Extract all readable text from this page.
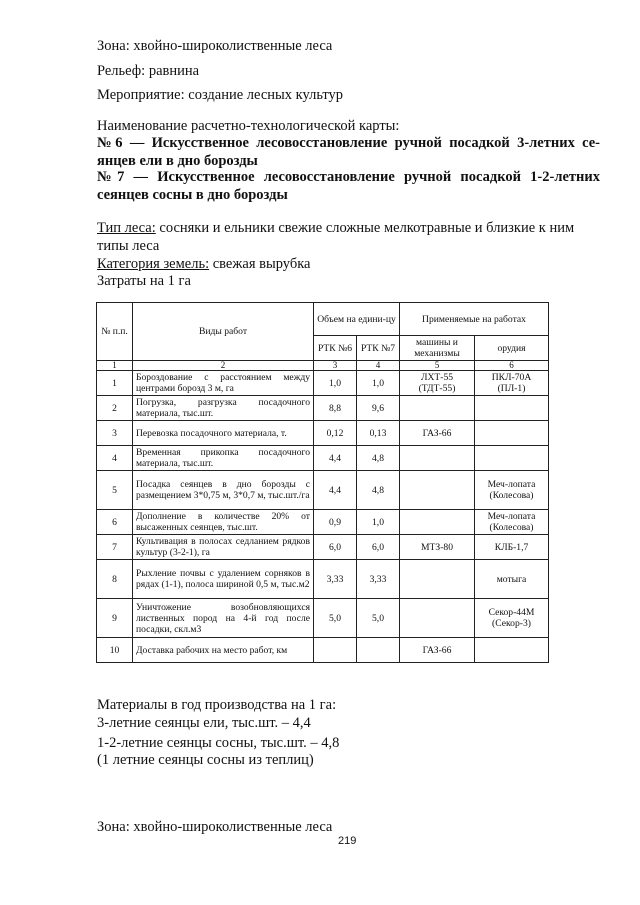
Зона: хвойно-широколиственные леса
Рельеф: равнина
Мероприятие: создание лесных культур
Наименование расчетно-технологической карты:
№6 — Искусственное лесовосстановление ручной посадкой 3-летних се-
янцев ели в дно борозды
№7 — Искусственное лесовосстановление ручной посадкой 1-2-летних
сеянцев сосны в дно борозды
Тип леса: сосняки и ельники свежие сложные мелкотравные и близкие к ним
типы леса
Категория земель: свежая вырубка
Затраты на 1 га
№ п.п.	Виды работ	Объем на едини-цу		Применяемые на работах	
		РТК №6	РТК №7	машины и механизмы	орудия
1	2	3	4	5	6
1	Бороздование с расстоянием между центрами борозд 3 м, га	1,0	1,0	ЛХТ-55 (ТДТ-55)	ПКЛ-70А (ПЛ-1)
2	Погрузка, разгрузка посадочного материала, тыс.шт.	8,8	9,6		
3	Перевозка посадочного материала, т.	0,12	0,13	ГАЗ-66	
4	Временная прикопка посадочного материала, тыс.шт.	4,4	4,8		
5	Посадка сеянцев в дно борозды с размещением 3*0,75 м, 3*0,7 м, тыс.шт./га	4,4	4,8		Меч-лопата (Колесова)
6	Дополнение в количестве 20% от высаженных сеянцев, тыс.шт.	0,9	1,0		Меч-лопата (Колесова)
7	Культивация в полосах седланием рядков культур (3-2-1), га	6,0	6,0	МТЗ-80	КЛБ-1,7
8	Рыхление почвы с удалением сорняков в рядах (1-1), полоса шириной 0,5 м, тыс.м2	3,33	3,33		мотыга
9	Уничтожение возобновляющихся лиственных пород на 4-й год после посадки, скл.м3	5,0	5,0		Секор-44М (Секор-3)
10	Доставка рабочих на место работ, км			ГАЗ-66	
Материалы в год производства на 1 га:
3-летние сеянцы ели, тыс.шт. – 4,4
1-2-летние сеянцы сосны, тыс.шт. – 4,8
(1 летние сеянцы сосны из теплиц)
Зона: хвойно-широколиственные леса
219
